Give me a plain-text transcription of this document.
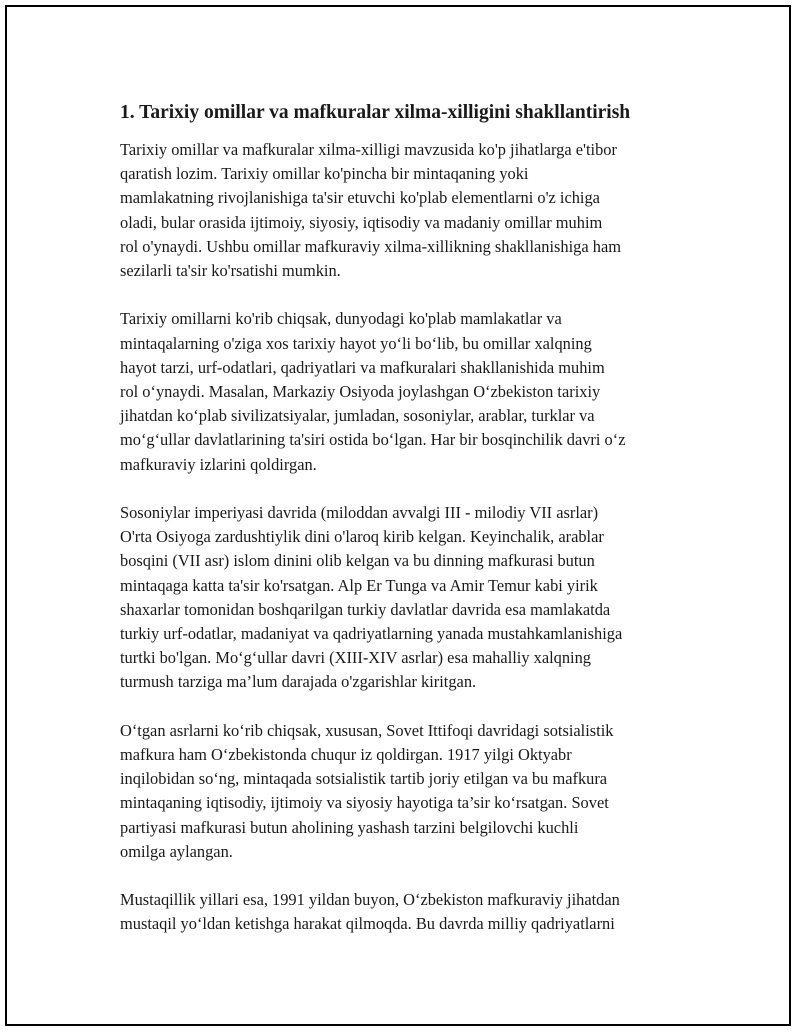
1. Tarixiy omillar va mafkuralar xilma-xilligini shakllantirish

Tarixiy omillar va mafkuralar xilma-xilligi mavzusida ko'p jihatlarga e'tibor
qaratish lozim. Tarixiy omillar ko'pincha bir mintaqaning yoki
mamlakatning rivojlanishiga ta'sir etuvchi ko'plab elementlarni o'z ichiga
oladi, bular orasida ijtimoiy, siyosiy, iqtisodiy va madaniy omillar muhim
rol o'ynaydi. Ushbu omillar mafkuraviy xilma-xillikning shakllanishiga ham
sezilarli ta'sir ko'rsatishi mumkin.

Tarixiy omillarni ko'rib chiqsak, dunyodagi ko'plab mamlakatlar va
mintaqalarning o'ziga xos tarixiy hayot yo‘li bo‘lib, bu omillar xalqning
hayot tarzi, urf-odatlari, qadriyatlari va mafkuralari shakllanishida muhim
rol o‘ynaydi. Masalan, Markaziy Osiyoda joylashgan O‘zbekiston tarixiy
jihatdan ko‘plab sivilizatsiyalar, jumladan, sosoniylar, arablar, turklar va
mo‘g‘ullar davlatlarining ta'siri ostida bo‘lgan. Har bir bosqinchilik davri o‘z
mafkuraviy izlarini qoldirgan.

Sosoniylar imperiyasi davrida (miloddan avvalgi III - milodiy VII asrlar)
O'rta Osiyoga zardushtiylik dini o'laroq kirib kelgan. Keyinchalik, arablar
bosqini (VII asr) islom dinini olib kelgan va bu dinning mafkurasi butun
mintaqaga katta ta'sir ko'rsatgan. Alp Er Tunga va Amir Temur kabi yirik
shaxarlar tomonidan boshqarilgan turkiy davlatlar davrida esa mamlakatda
turkiy urf-odatlar, madaniyat va qadriyatlarning yanada mustahkamlanishiga
turtki bo'lgan. Mo‘g‘ullar davri (XIII-XIV asrlar) esa mahalliy xalqning
turmush tarziga ma’lum darajada o'zgarishlar kiritgan.

O‘tgan asrlarni ko‘rib chiqsak, xususan, Sovet Ittifoqi davridagi sotsialistik
mafkura ham O‘zbekistonda chuqur iz qoldirgan. 1917 yilgi Oktyabr
inqilobidan so‘ng, mintaqada sotsialistik tartib joriy etilgan va bu mafkura
mintaqaning iqtisodiy, ijtimoiy va siyosiy hayotiga ta’sir ko‘rsatgan. Sovet
partiyasi mafkurasi butun aholining yashash tarzini belgilovchi kuchli
omilga aylangan.

Mustaqillik yillari esa, 1991 yildan buyon, O‘zbekiston mafkuraviy jihatdan
mustaqil yo‘ldan ketishga harakat qilmoqda. Bu davrda milliy qadriyatlarni
